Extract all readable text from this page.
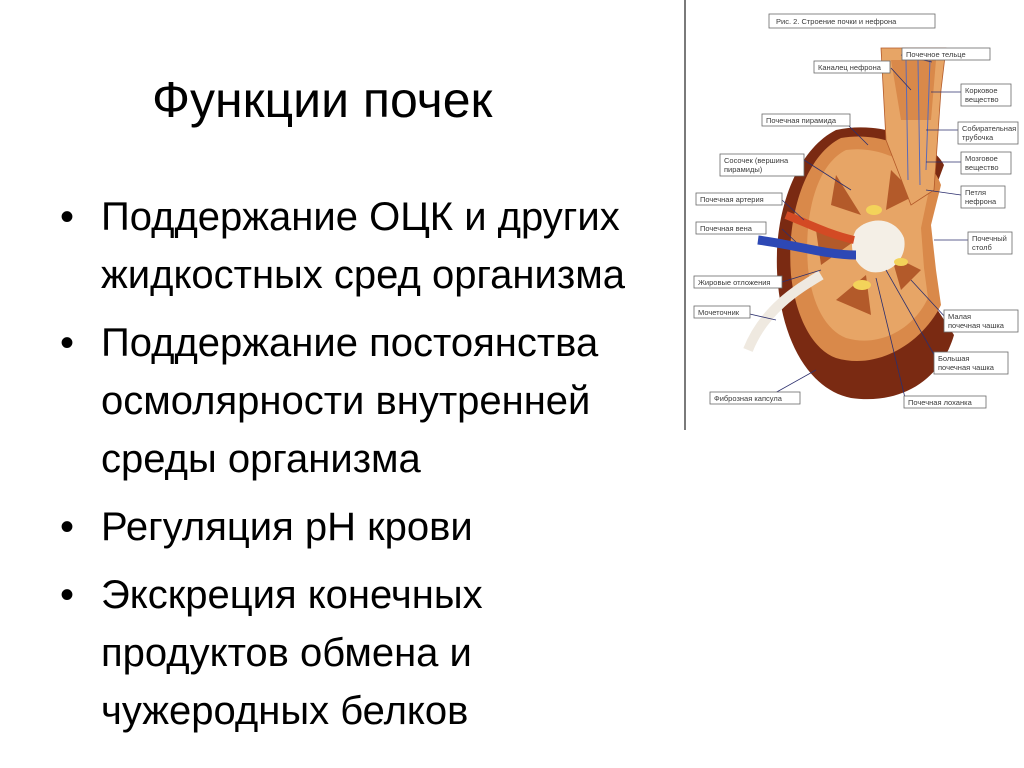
Функции почек
• Поддержание ОЦК и других жидкостных сред организма
• Поддержание постоянства осмолярности внутренней среды организма
• Регуляция рН крови
• Экскреция конечных продуктов обмена и чужеродных белков
Рис. 2. Строение почки и нефрона
Почечное тельце
Каналец нефрона
Корковое
вещество
Собирательная
трубочка
Почечная пирамида
Мозговое
вещество
Сосочек (вершина
пирамиды)
Петля
нефрона
Почечная артерия
Почечная вена
Почечный
столб
Жировые отложения
Мочеточник	Малая
почечная чашка
Большая
почечная чашка
Фиброзная капсула	Почечная лоханка
